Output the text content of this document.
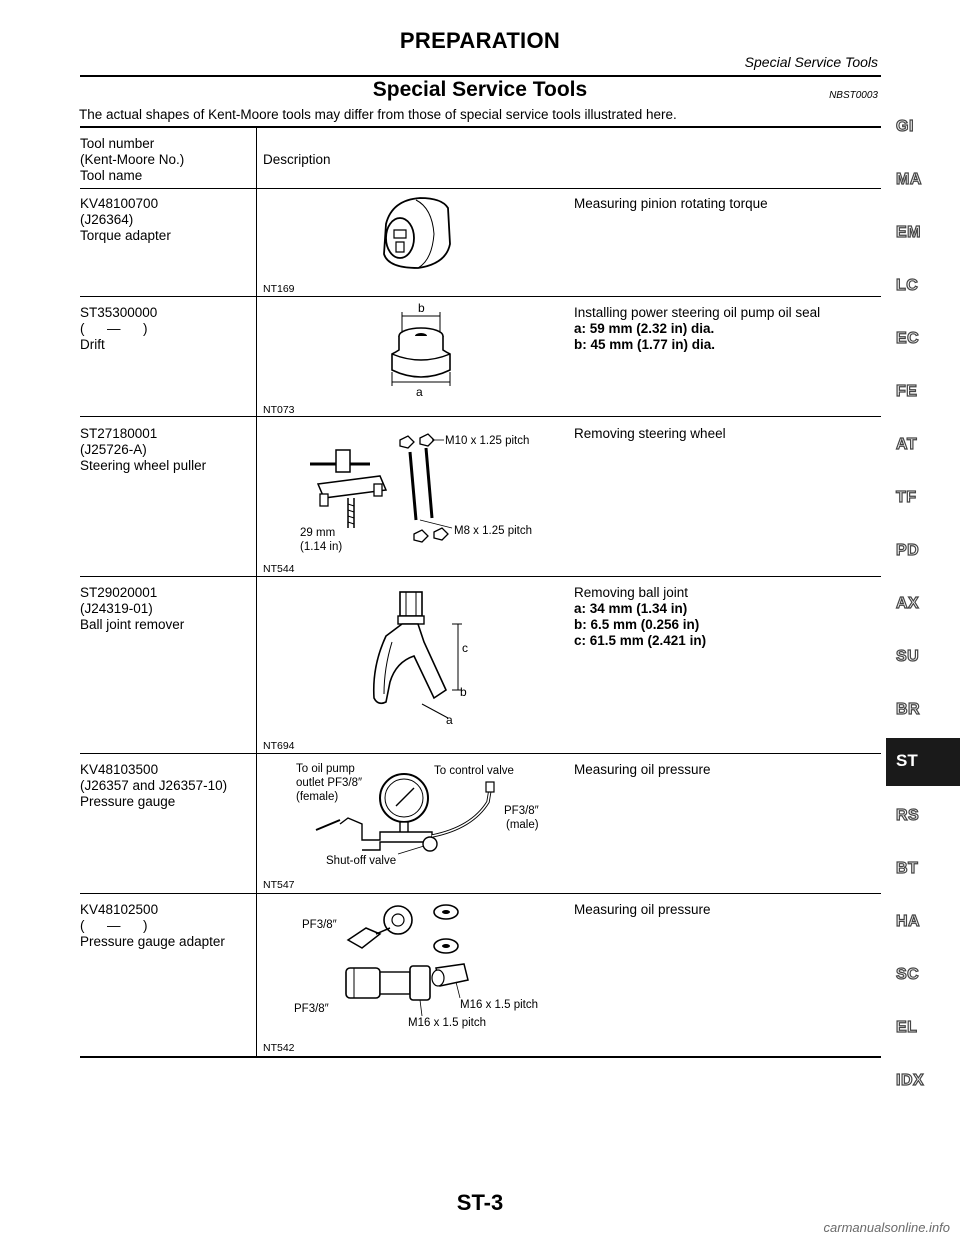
PREPARATION
Special Service Tools
Special Service Tools	NBST0003
The actual shapes of Kent-Moore tools may differ from those of special service tools illustrated here.
Tool number
(Kent-Moore No.)
Tool name
Description
KV48100700
(J26364)
Torque adapter
NT169
Measuring pinion rotating torque
ST35300000
(      —      )
Drift
b
a
NT073
Installing power steering oil pump oil seal
a: 59 mm (2.32 in) dia.
b: 45 mm (1.77 in) dia.
ST27180001
(J25726-A)
Steering wheel puller
M10 x 1.25 pitch
M8 x 1.25 pitch
29 mm
(1.14 in)
NT544
Removing steering wheel
ST29020001
(J24319-01)
Ball joint remover
c
b
a
NT694
Removing ball joint
a: 34 mm (1.34 in)
b: 6.5 mm (0.256 in)
c: 61.5 mm (2.421 in)
KV48103500
(J26357 and J26357-10)
Pressure gauge
To oil pump
outlet PF3/8″
(female)
To control valve
PF3/8″
(male)
Shut-off valve
NT547
Measuring oil pressure
KV48102500
(      —      )
Pressure gauge adapter
PF3/8″
PF3/8″	M16 x 1.5 pitch
M16 x 1.5 pitch
NT542
Measuring oil pressure
GI
MA
EM
LC
EC
FE
AT
TF
PD
AX
SU
BR
ST
RS
BT
HA
SC
EL
IDX
ST-3
carmanualsonline.info
